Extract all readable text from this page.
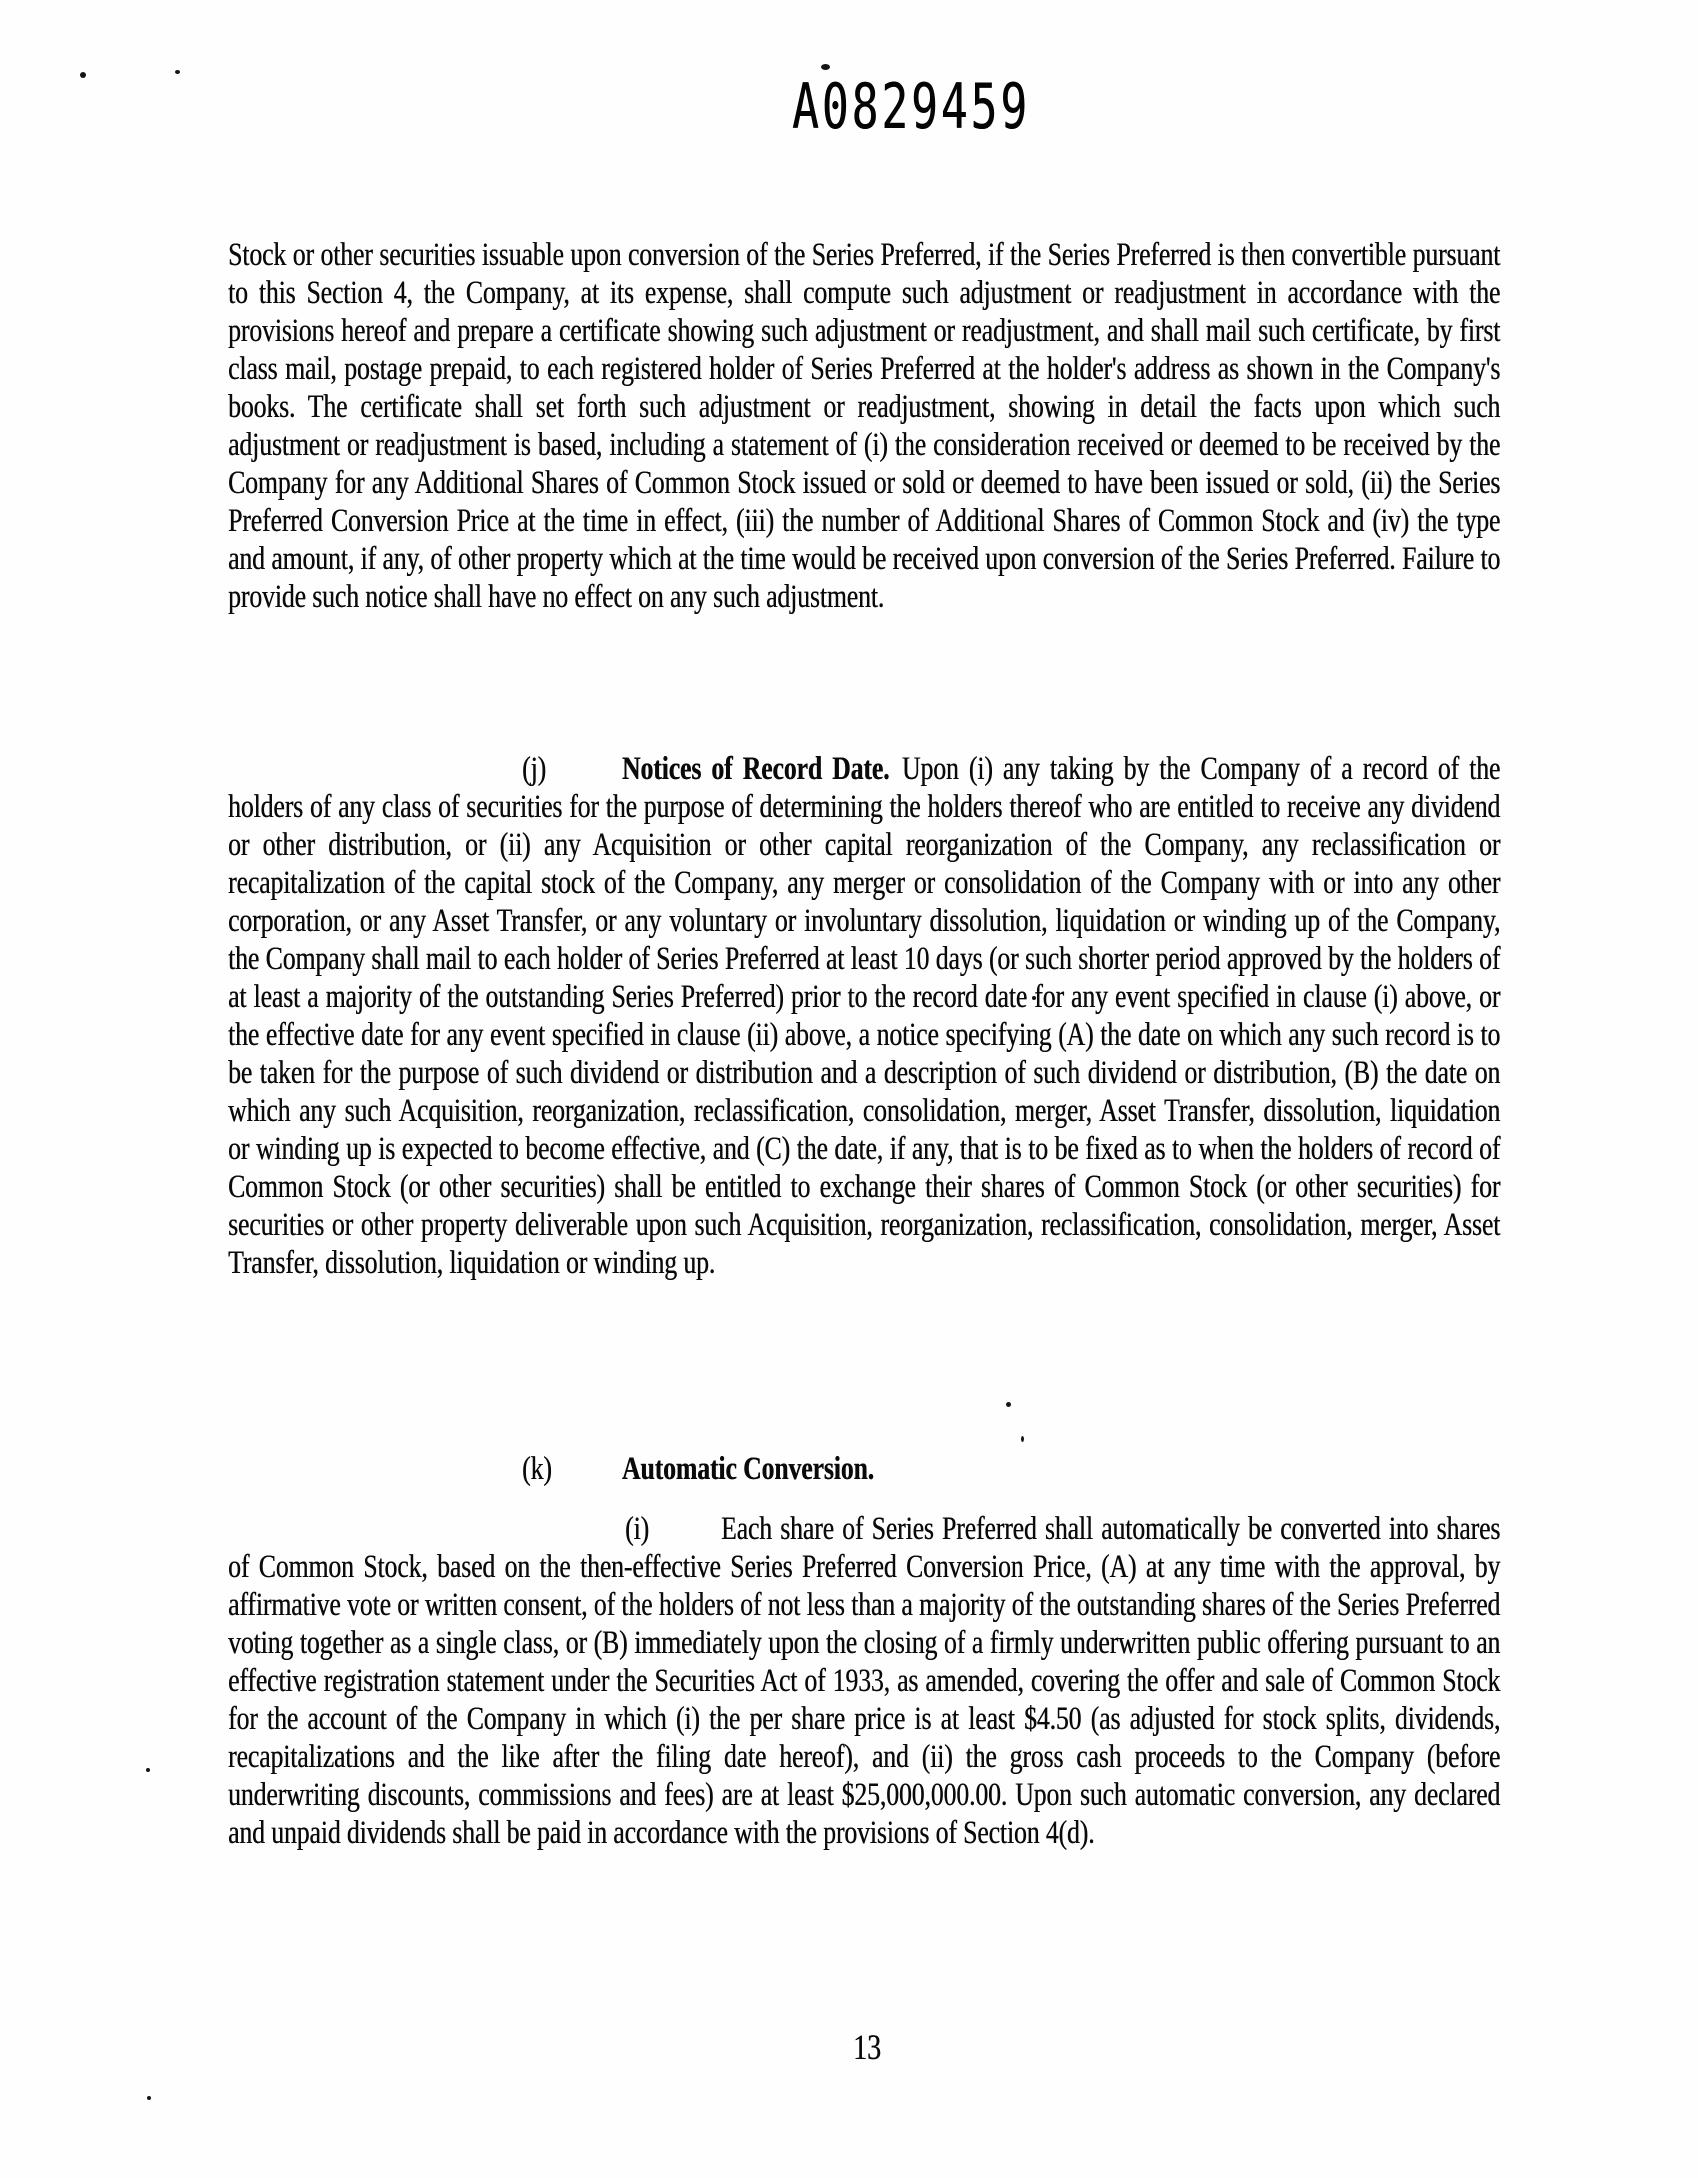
A0829459

Stock or other securities issuable upon conversion of the Series Preferred, if the Series Preferred is then convertible pursuant to this Section 4, the Company, at its expense, shall compute such adjustment or readjustment in accordance with the provisions hereof and prepare a certificate showing such adjustment or readjustment, and shall mail such certificate, by first class mail, postage prepaid, to each registered holder of Series Preferred at the holder's address as shown in the Company's books. The certificate shall set forth such adjustment or readjustment, showing in detail the facts upon which such adjustment or readjustment is based, including a statement of (i) the consideration received or deemed to be received by the Company for any Additional Shares of Common Stock issued or sold or deemed to have been issued or sold, (ii) the Series Preferred Conversion Price at the time in effect, (iii) the number of Additional Shares of Common Stock and (iv) the type and amount, if any, of other property which at the time would be received upon conversion of the Series Preferred. Failure to provide such notice shall have no effect on any such adjustment.

(j) Notices of Record Date. Upon (i) any taking by the Company of a record of the holders of any class of securities for the purpose of determining the holders thereof who are entitled to receive any dividend or other distribution, or (ii) any Acquisition or other capital reorganization of the Company, any reclassification or recapitalization of the capital stock of the Company, any merger or consolidation of the Company with or into any other corporation, or any Asset Transfer, or any voluntary or involuntary dissolution, liquidation or winding up of the Company, the Company shall mail to each holder of Series Preferred at least 10 days (or such shorter period approved by the holders of at least a majority of the outstanding Series Preferred) prior to the record date for any event specified in clause (i) above, or the effective date for any event specified in clause (ii) above, a notice specifying (A) the date on which any such record is to be taken for the purpose of such dividend or distribution and a description of such dividend or distribution, (B) the date on which any such Acquisition, reorganization, reclassification, consolidation, merger, Asset Transfer, dissolution, liquidation or winding up is expected to become effective, and (C) the date, if any, that is to be fixed as to when the holders of record of Common Stock (or other securities) shall be entitled to exchange their shares of Common Stock (or other securities) for securities or other property deliverable upon such Acquisition, reorganization, reclassification, consolidation, merger, Asset Transfer, dissolution, liquidation or winding up.

(k) Automatic Conversion.

(i) Each share of Series Preferred shall automatically be converted into shares of Common Stock, based on the then-effective Series Preferred Conversion Price, (A) at any time with the approval, by affirmative vote or written consent, of the holders of not less than a majority of the outstanding shares of the Series Preferred voting together as a single class, or (B) immediately upon the closing of a firmly underwritten public offering pursuant to an effective registration statement under the Securities Act of 1933, as amended, covering the offer and sale of Common Stock for the account of the Company in which (i) the per share price is at least $4.50 (as adjusted for stock splits, dividends, recapitalizations and the like after the filing date hereof), and (ii) the gross cash proceeds to the Company (before underwriting discounts, commissions and fees) are at least $25,000,000.00. Upon such automatic conversion, any declared and unpaid dividends shall be paid in accordance with the provisions of Section 4(d).

13
